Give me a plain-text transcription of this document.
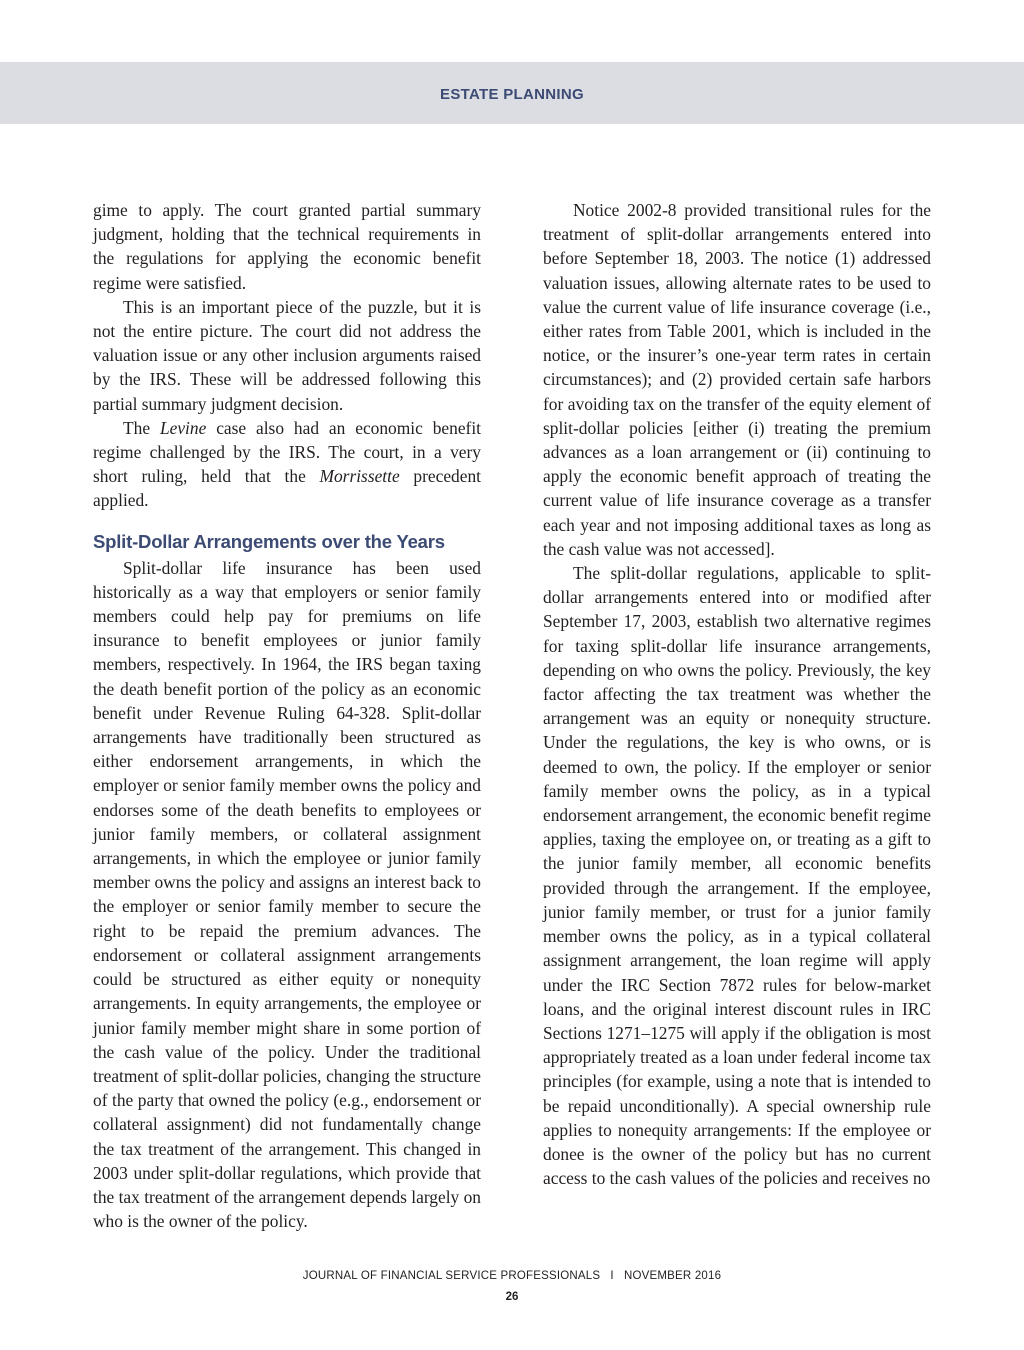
ESTATE PLANNING

gime to apply. The court granted partial summary judgment, holding that the technical requirements in the regulations for applying the economic benefit regime were satisfied.

This is an important piece of the puzzle, but it is not the entire picture. The court did not address the valuation issue or any other inclusion arguments raised by the IRS. These will be addressed following this partial summary judgment decision.

The Levine case also had an economic benefit regime challenged by the IRS. The court, in a very short ruling, held that the Morrissette precedent applied.

Split-Dollar Arrangements over the Years

Split-dollar life insurance has been used historically as a way that employers or senior family members could help pay for premiums on life insurance to benefit employees or junior family members, respectively. In 1964, the IRS began taxing the death benefit portion of the policy as an economic benefit under Revenue Ruling 64-328. Split-dollar arrangements have traditionally been structured as either endorsement arrangements, in which the employer or senior family member owns the policy and endorses some of the death benefits to employees or junior family members, or collateral assignment arrangements, in which the employee or junior family member owns the policy and assigns an interest back to the employer or senior family member to secure the right to be repaid the premium advances. The endorsement or collateral assignment arrangements could be structured as either equity or nonequity arrangements. In equity arrangements, the employee or junior family member might share in some portion of the cash value of the policy. Under the traditional treatment of split-dollar policies, changing the structure of the party that owned the policy (e.g., endorsement or collateral assignment) did not fundamentally change the tax treatment of the arrangement. This changed in 2003 under split-dollar regulations, which provide that the tax treatment of the arrangement depends largely on who is the owner of the policy.

Notice 2002-8 provided transitional rules for the treatment of split-dollar arrangements entered into before September 18, 2003. The notice (1) addressed valuation issues, allowing alternate rates to be used to value the current value of life insurance coverage (i.e., either rates from Table 2001, which is included in the notice, or the insurer’s one-year term rates in certain circumstances); and (2) provided certain safe harbors for avoiding tax on the transfer of the equity element of split-dollar policies [either (i) treating the premium advances as a loan arrangement or (ii) continuing to apply the economic benefit approach of treating the current value of life insurance coverage as a transfer each year and not imposing additional taxes as long as the cash value was not accessed].

The split-dollar regulations, applicable to split-dollar arrangements entered into or modified after September 17, 2003, establish two alternative regimes for taxing split-dollar life insurance arrangements, depending on who owns the policy. Previously, the key factor affecting the tax treatment was whether the arrangement was an equity or nonequity structure. Under the regulations, the key is who owns, or is deemed to own, the policy. If the employer or senior family member owns the policy, as in a typical endorsement arrangement, the economic benefit regime applies, taxing the employee on, or treating as a gift to the junior family member, all economic benefits provided through the arrangement. If the employee, junior family member, or trust for a junior family member owns the policy, as in a typical collateral assignment arrangement, the loan regime will apply under the IRC Section 7872 rules for below-market loans, and the original interest discount rules in IRC Sections 1271–1275 will apply if the obligation is most appropriately treated as a loan under federal income tax principles (for example, using a note that is intended to be repaid unconditionally). A special ownership rule applies to nonequity arrangements: If the employee or donee is the owner of the policy but has no current access to the cash values of the policies and receives no

JOURNAL OF FINANCIAL SERVICE PROFESSIONALS   I   NOVEMBER 2016
26
